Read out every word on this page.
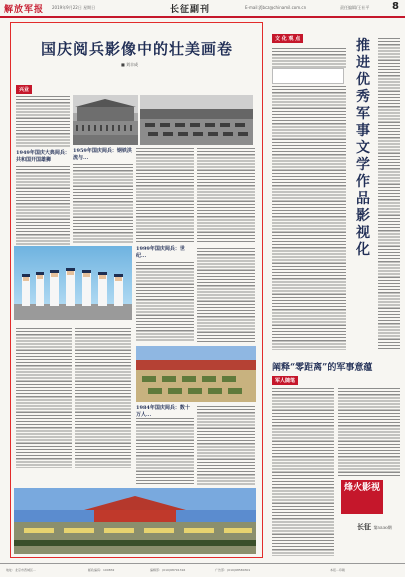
解放军报 2019年9月22日 星期日	长征副刊	E-mail:jfjbcz@chinamil.com.cn	责任编辑/王社平 8
国庆阅兵影像中的壮美画卷
■ 刘丰成
兴业
1949年国庆大典阅兵：共和国开国雄狮
1959年国庆阅兵：钢铁洪流与...
1999年国庆阅兵：世纪...
1984年国庆阅兵：数十万人...
文 化 观 点	推进优秀军事文学作品影视化
阐释“零距离”的军事意蕴
军人随笔
烽火影视
长征 第5530期
地址：北京市西城区...	邮政编码：100832	编辑部：(010)68791316	广告部：(010)68580301	本报...印刷
